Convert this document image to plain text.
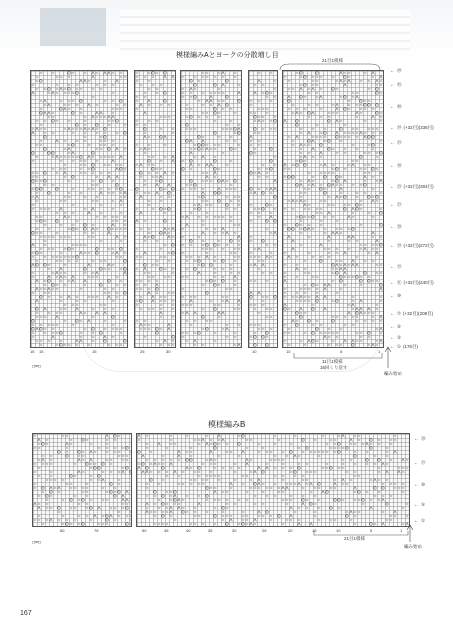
模様編みAとヨークの分散増し目
21目1模様
15 15	15	25	30	10	10	5	1
11目1模様
16回くり返す
編み始め
□=□
← ㊿
← ㊺
← ㊵
← ㊴ (+32目)(336目)
← ㉟
← ㉚
← ㉙ (+32目)(304目)
← ㉕
← ⑳
← ⑲ (+32目)(272目)
← ⑮
← ⑪ (+32目)(240目)
← ⑩
← ⑦ (+32目)(208目)
← ⑤
← ③
← ① (176目)
模様編みB
80	75	50	45	40	35	30	25	20	15	10	5	1
21目1模様
編み始め
□=□
← ⑳
← ⑮
← ⑩
← ⑤
← ①
167
